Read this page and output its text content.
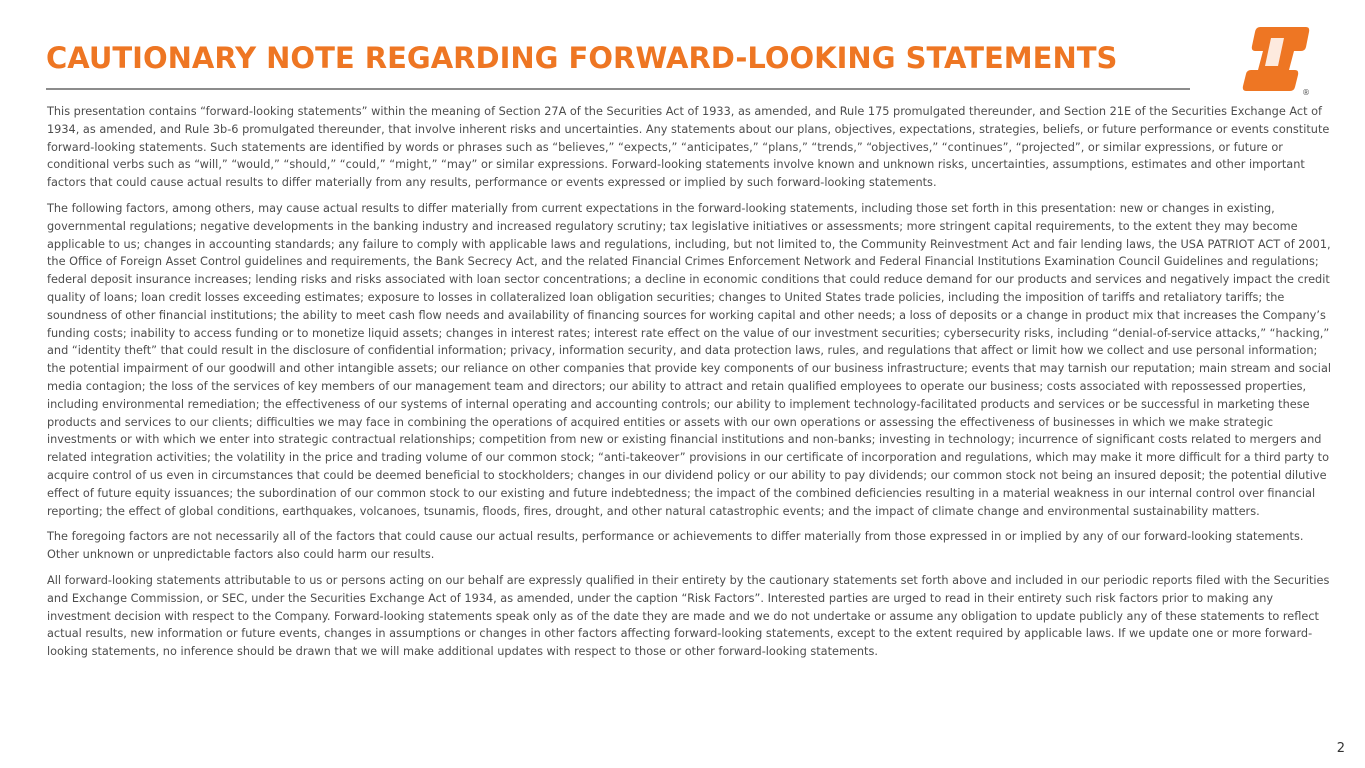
CAUTIONARY NOTE REGARDING FORWARD-LOOKING STATEMENTS
®

This presentation contains “forward-looking statements” within the meaning of Section 27A of the Securities Act of 1933, as amended, and Rule 175 promulgated thereunder, and Section 21E of the Securities Exchange Act of 1934, as amended, and Rule 3b-6 promulgated thereunder, that involve inherent risks and uncertainties. Any statements about our plans, objectives, expectations, strategies, beliefs, or future performance or events constitute forward-looking statements. Such statements are identified by words or phrases such as “believes,” “expects,” “anticipates,” “plans,” “trends,” “objectives,” “continues”, “projected”, or similar expressions, or future or conditional verbs such as “will,” “would,” “should,” “could,” “might,” “may” or similar expressions. Forward-looking statements involve known and unknown risks, uncertainties, assumptions, estimates and other important factors that could cause actual results to differ materially from any results, performance or events expressed or implied by such forward-looking statements.

The following factors, among others, may cause actual results to differ materially from current expectations in the forward-looking statements, including those set forth in this presentation: new or changes in existing, governmental regulations; negative developments in the banking industry and increased regulatory scrutiny; tax legislative initiatives or assessments; more stringent capital requirements, to the extent they may become applicable to us; changes in accounting standards; any failure to comply with applicable laws and regulations, including, but not limited to, the Community Reinvestment Act and fair lending laws, the USA PATRIOT ACT of 2001, the Office of Foreign Asset Control guidelines and requirements, the Bank Secrecy Act, and the related Financial Crimes Enforcement Network and Federal Financial Institutions Examination Council Guidelines and regulations; federal deposit insurance increases; lending risks and risks associated with loan sector concentrations; a decline in economic conditions that could reduce demand for our products and services and negatively impact the credit quality of loans; loan credit losses exceeding estimates; exposure to losses in collateralized loan obligation securities; changes to United States trade policies, including the imposition of tariffs and retaliatory tariffs; the soundness of other financial institutions; the ability to meet cash flow needs and availability of financing sources for working capital and other needs; a loss of deposits or a change in product mix that increases the Company’s funding costs; inability to access funding or to monetize liquid assets; changes in interest rates; interest rate effect on the value of our investment securities; cybersecurity risks, including “denial-of-service attacks,” “hacking,” and “identity theft” that could result in the disclosure of confidential information; privacy, information security, and data protection laws, rules, and regulations that affect or limit how we collect and use personal information; the potential impairment of our goodwill and other intangible assets; our reliance on other companies that provide key components of our business infrastructure; events that may tarnish our reputation; main stream and social media contagion; the loss of the services of key members of our management team and directors; our ability to attract and retain qualified employees to operate our business; costs associated with repossessed properties, including environmental remediation; the effectiveness of our systems of internal operating and accounting controls; our ability to implement technology-facilitated products and services or be successful in marketing these products and services to our clients; difficulties we may face in combining the operations of acquired entities or assets with our own operations or assessing the effectiveness of businesses in which we make strategic investments or with which we enter into strategic contractual relationships; competition from new or existing financial institutions and non-banks; investing in technology; incurrence of significant costs related to mergers and related integration activities; the volatility in the price and trading volume of our common stock; “anti-takeover” provisions in our certificate of incorporation and regulations, which may make it more difficult for a third party to acquire control of us even in circumstances that could be deemed beneficial to stockholders; changes in our dividend policy or our ability to pay dividends; our common stock not being an insured deposit; the potential dilutive effect of future equity issuances; the subordination of our common stock to our existing and future indebtedness; the impact of the combined deficiencies resulting in a material weakness in our internal control over financial reporting; the effect of global conditions, earthquakes, volcanoes, tsunamis, floods, fires, drought, and other natural catastrophic events; and the impact of climate change and environmental sustainability matters.

The foregoing factors are not necessarily all of the factors that could cause our actual results, performance or achievements to differ materially from those expressed in or implied by any of our forward-looking statements. Other unknown or unpredictable factors also could harm our results.

All forward-looking statements attributable to us or persons acting on our behalf are expressly qualified in their entirety by the cautionary statements set forth above and included in our periodic reports filed with the Securities and Exchange Commission, or SEC, under the Securities Exchange Act of 1934, as amended, under the caption “Risk Factors”. Interested parties are urged to read in their entirety such risk factors prior to making any investment decision with respect to the Company. Forward-looking statements speak only as of the date they are made and we do not undertake or assume any obligation to update publicly any of these statements to reflect actual results, new information or future events, changes in assumptions or changes in other factors affecting forward-looking statements, except to the extent required by applicable laws. If we update one or more forward-looking statements, no inference should be drawn that we will make additional updates with respect to those or other forward-looking statements.

2
